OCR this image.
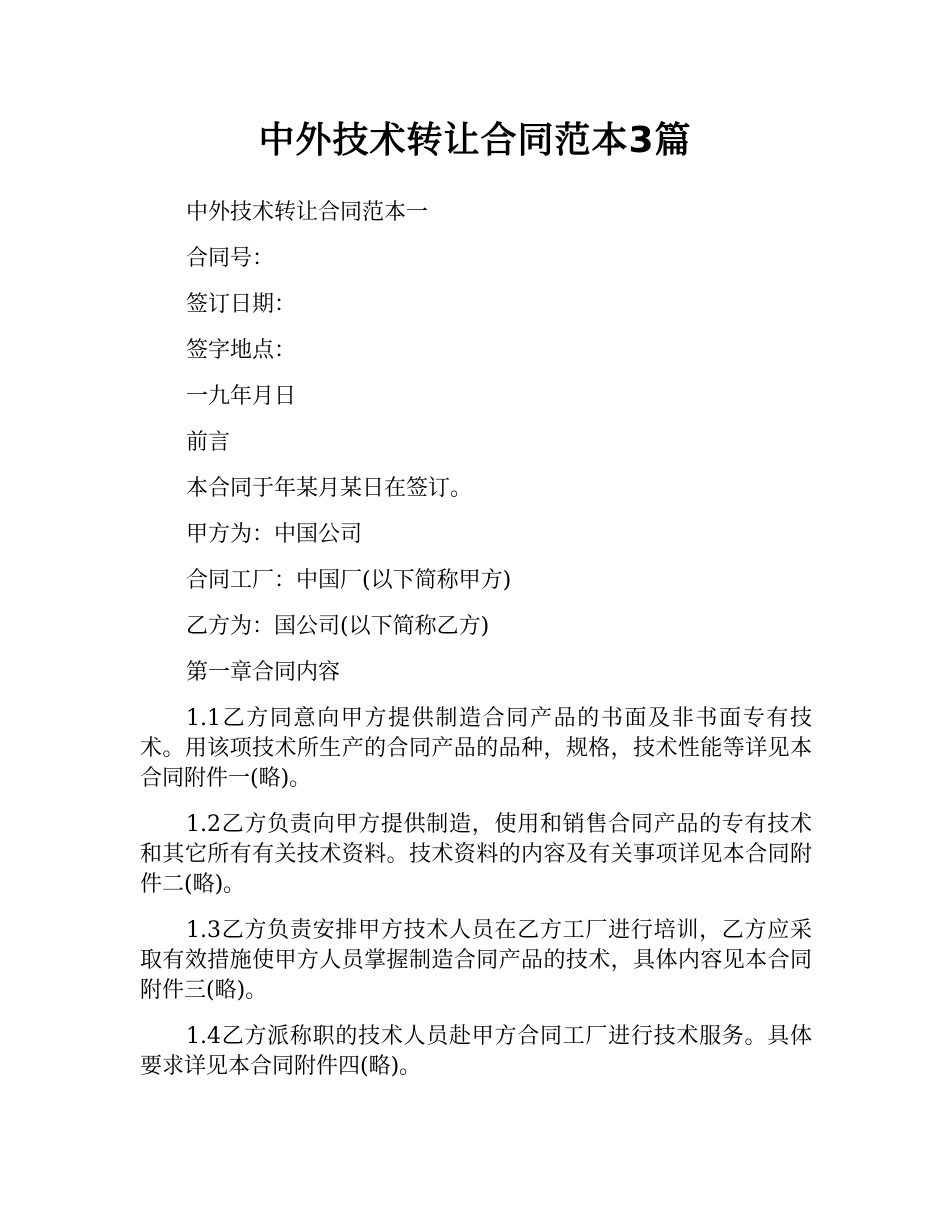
中外技术转让合同范本3篇

中外技术转让合同范本一

合同号：

签订日期：

签字地点：

一九年月日

前言

本合同于年某月某日在签订。

甲方为：中国公司

合同工厂：中国厂(以下简称甲方)

乙方为：国公司(以下简称乙方)

第一章合同内容

1.1乙方同意向甲方提供制造合同产品的书面及非书面专有技术。用该项技术所生产的合同产品的品种，规格，技术性能等详见本合同附件一(略)。

1.2乙方负责向甲方提供制造，使用和销售合同产品的专有技术和其它所有有关技术资料。技术资料的内容及有关事项详见本合同附件二(略)。

1.3乙方负责安排甲方技术人员在乙方工厂进行培训，乙方应采取有效措施使甲方人员掌握制造合同产品的技术，具体内容见本合同附件三(略)。

1.4乙方派称职的技术人员赴甲方合同工厂进行技术服务。具体要求详见本合同附件四(略)。
